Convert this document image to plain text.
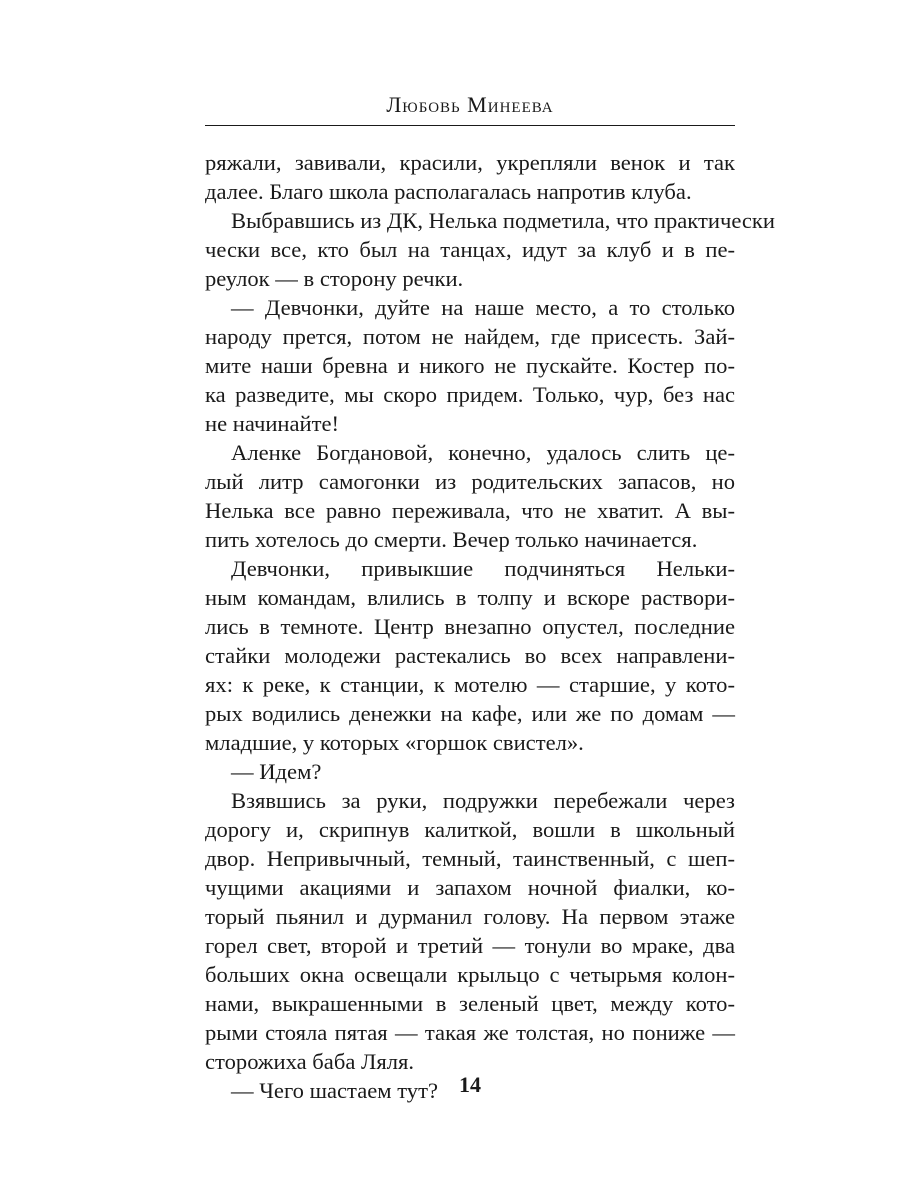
Любовь Минеева
ряжали, завивали, красили, укрепляли венок и так
далее. Благо школа располагалась напротив клуба.
Выбравшись из ДК, Нелька подметила, что практически
чески все, кто был на танцах, идут за клуб и в пе-
реулок — в сторону речки.
— Девчонки, дуйте на наше место, а то столько
народу прется, потом не найдем, где присесть. Зай-
мите наши бревна и никого не пускайте. Костер по-
ка разведите, мы скоро придем. Только, чур, без нас
не начинайте!
Аленке Богдановой, конечно, удалось слить це-
лый литр самогонки из родительских запасов, но
Нелька все равно переживала, что не хватит. А вы-
пить хотелось до смерти. Вечер только начинается.
Девчонки, привыкшие подчиняться Нельки-
ным командам, влились в толпу и вскоре раствори-
лись в темноте. Центр внезапно опустел, последние
стайки молодежи растекались во всех направлени-
ях: к реке, к станции, к мотелю — старшие, у кото-
рых водились денежки на кафе, или же по домам —
младшие, у которых «горшок свистел».
— Идем?
Взявшись за руки, подружки перебежали через
дорогу и, скрипнув калиткой, вошли в школьный
двор. Непривычный, темный, таинственный, с шеп-
чущими акациями и запахом ночной фиалки, ко-
торый пьянил и дурманил голову. На первом этаже
горел свет, второй и третий — тонули во мраке, два
больших окна освещали крыльцо с четырьмя колон-
нами, выкрашенными в зеленый цвет, между кото-
рыми стояла пятая — такая же толстая, но пониже —
сторожиха баба Ляля.
— Чего шастаем тут? 14
